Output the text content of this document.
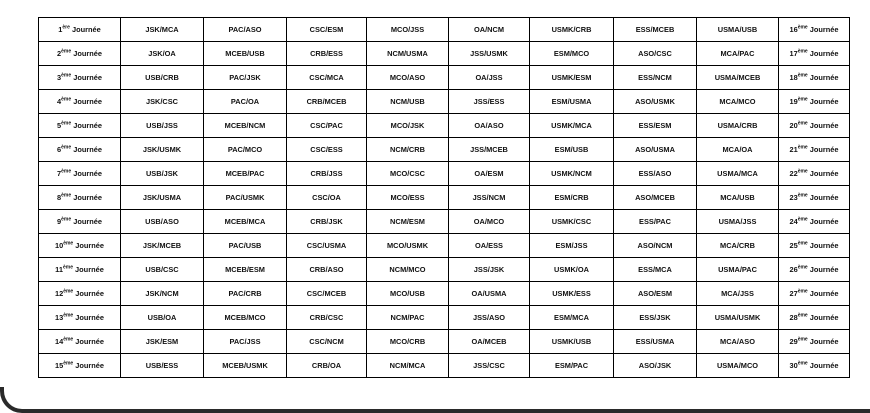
1ère Journée	JSK/MCA	PAC/ASO	CSC/ESM	MCO/JSS	OA/NCM	USMK/CRB	ESS/MCEB	USMA/USB	16ème Journée
2ème Journée	JSK/OA	MCEB/USB	CRB/ESS	NCM/USMA	JSS/USMK	ESM/MCO	ASO/CSC	MCA/PAC	17ème Journée
3ème Journée	USB/CRB	PAC/JSK	CSC/MCA	MCO/ASO	OA/JSS	USMK/ESM	ESS/NCM	USMA/MCEB	18ème Journée
4ème Journée	JSK/CSC	PAC/OA	CRB/MCEB	NCM/USB	JSS/ESS	ESM/USMA	ASO/USMK	MCA/MCO	19ème Journée
5ème Journée	USB/JSS	MCEB/NCM	CSC/PAC	MCO/JSK	OA/ASO	USMK/MCA	ESS/ESM	USMA/CRB	20ème Journée
6ème Journée	JSK/USMK	PAC/MCO	CSC/ESS	NCM/CRB	JSS/MCEB	ESM/USB	ASO/USMA	MCA/OA	21ème Journée
7ème Journée	USB/JSK	MCEB/PAC	CRB/JSS	MCO/CSC	OA/ESM	USMK/NCM	ESS/ASO	USMA/MCA	22ème Journée
8ème Journée	JSK/USMA	PAC/USMK	CSC/OA	MCO/ESS	JSS/NCM	ESM/CRB	ASO/MCEB	MCA/USB	23ème Journée
9ème Journée	USB/ASO	MCEB/MCA	CRB/JSK	NCM/ESM	OA/MCO	USMK/CSC	ESS/PAC	USMA/JSS	24ème Journée
10ème Journée	JSK/MCEB	PAC/USB	CSC/USMA	MCO/USMK	OA/ESS	ESM/JSS	ASO/NCM	MCA/CRB	25ème Journée
11ème Journée	USB/CSC	MCEB/ESM	CRB/ASO	NCM/MCO	JSS/JSK	USMK/OA	ESS/MCA	USMA/PAC	26ème Journée
12ème Journée	JSK/NCM	PAC/CRB	CSC/MCEB	MCO/USB	OA/USMA	USMK/ESS	ASO/ESM	MCA/JSS	27ème Journée
13ème Journée	USB/OA	MCEB/MCO	CRB/CSC	NCM/PAC	JSS/ASO	ESM/MCA	ESS/JSK	USMA/USMK	28ème Journée
14ème Journée	JSK/ESM	PAC/JSS	CSC/NCM	MCO/CRB	OA/MCEB	USMK/USB	ESS/USMA	MCA/ASO	29ème Journée
15ème Journée	USB/ESS	MCEB/USMK	CRB/OA	NCM/MCA	JSS/CSC	ESM/PAC	ASO/JSK	USMA/MCO	30ème Journée
